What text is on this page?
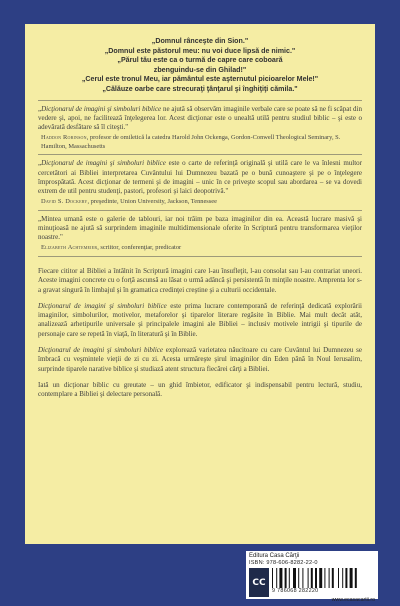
„Domnul rânceşte din Sion."
„Domnul este păstorul meu: nu voi duce lipsă de nimic."
„Părul tău este ca o turmă de capre care coboară
zbenguindu-se din Ghilad!"
„Cerul este tronul Meu, iar pământul este aşternutul picioarelor Mele!"
„Călăuze oarbe care strecuraţi ţânţarul şi înghiţiţi cămila."

„Dicţionarul de imagini şi simboluri biblice ne ajută să observăm imaginile verbale care se poate să ne fi scăpat din vedere şi, apoi, ne facilitează înţelegerea lor. Acest dicţionar este o unealtă utilă pentru studiul biblic – şi este o adevărată desfătare să îl citeşti."

Haddon Robinson, profesor de omiletică la catedra Harold John Ockenga, Gordon-Conwell Theological Seminary, S. Hamilton, Massachusetts

„Dicţionarul de imagini şi simboluri biblice este o carte de referinţă originală şi utilă care le va înlesni multor cercetători ai Bibliei interpretarea Cuvântului lui Dumnezeu bazată pe o bună cunoaştere şi pe o înţelegere împrospătată. Acest dicţionar de termeni şi de imagini – unic în ce priveşte scopul sau abordarea – se va dovedi extrem de util pentru studenţi, pastori, profesori şi laici deopotrivă."

David S. Dockery, preşedinte, Union University, Jackson, Tennessee

„Mintea umană este o galerie de tablouri, iar noi trăim pe baza imaginilor din ea. Această lucrare masivă şi minuţioasă ne ajută să surprindem imaginile multidimensionale oferite în Scriptură pentru transformarea vieţilor noastre."

Elizabeth Achtemeier, scriitor, conferenţiar, predicator

Fiecare cititor al Bibliei a întâlnit în Scriptură imagini care l-au însufleţit, l-au consolat sau l-au contrariat uneori. Aceste imagini concrete cu o forţă ascunsă au lăsat o urmă adâncă şi persistentă în minţile noastre. Amprenta lor s-a gravat singură în limbajul şi în gramatica credinţei creştine şi a culturii occidentale.

Dicţionarul de imagini şi simboluri biblice este prima lucrare contemporană de referinţă dedicată explorării imaginilor, simbolurilor, motivelor, metaforelor şi tiparelor literare regăsite în Biblie. Mai mult decât atât, analizează arhetipurile universale şi principalele imagini ale Bibliei – inclusiv motivele intrigii şi tipurile de personaje care se repetă în viaţă, în literatură şi în Biblie.

Dicţionarul de imagini şi simboluri biblice explorează varietatea năucitoare cu care Cuvântul lui Dumnezeu se îmbracă cu veşmintele vieţii de zi cu zi. Acesta urmăreşte şirul imaginilor din Eden până în Noul Ierusalim, surprinde tiparele narative biblice şi studiază atent structura fiecărei cărţi a Bibliei.

Iată un dicţionar biblic cu greutate – un ghid îmbietor, edificator şi indispensabil pentru lectură, studiu, contemplare a Bibliei şi delectare personală.

Editura Casa Cărţii
ISBN: 978-606-8282-22-0
CC
9 786068 282220
www.ecasacartii.ro
